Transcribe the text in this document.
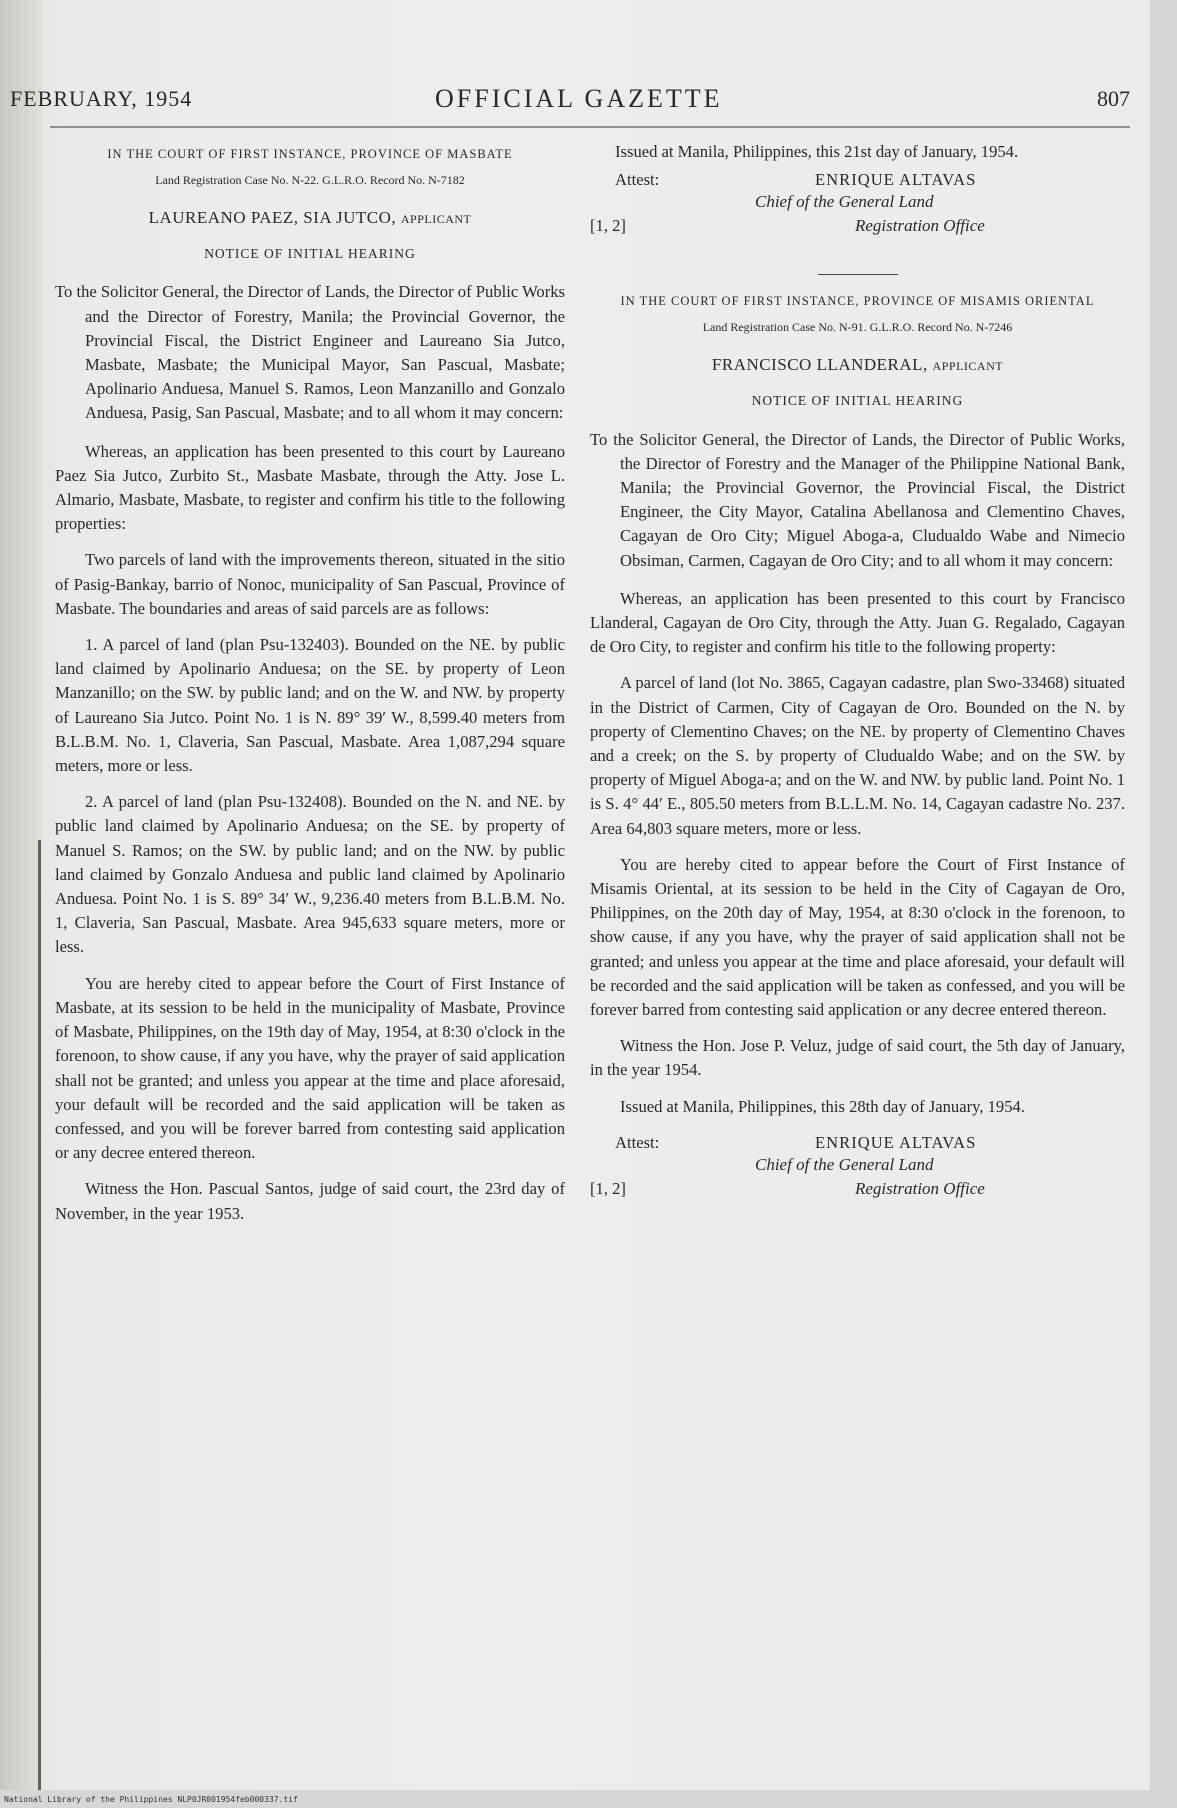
FEBRUARY, 1954	OFFICIAL GAZETTE	807
IN THE COURT OF FIRST INSTANCE, PROVINCE OF MASBATE
Land Registration Case No. N-22. G.L.R.O. Record No. N-7182
LAUREANO PAEZ, SIA JUTCO, applicant
NOTICE OF INITIAL HEARING
To the Solicitor General, the Director of Lands, the Director of Public Works and the Director of Forestry, Manila; the Provincial Governor, the Provincial Fiscal, the District Engineer and Laureano Sia Jutco, Masbate, Masbate; the Municipal Mayor, San Pascual, Masbate; Apolinario Anduesa, Manuel S. Ramos, Leon Manzanillo and Gonzalo Anduesa, Pasig, San Pascual, Masbate; and to all whom it may concern:

Whereas, an application has been presented to this court by Laureano Paez Sia Jutco, Zurbito St., Masbate Masbate, through the Atty. Jose L. Almario, Masbate, Masbate, to register and confirm his title to the following properties:

Two parcels of land with the improvements thereon, situated in the sitio of Pasig-Bankay, barrio of Nonoc, municipality of San Pascual, Province of Masbate. The boundaries and areas of said parcels are as follows:

1. A parcel of land (plan Psu-132403). Bounded on the NE. by public land claimed by Apolinario Anduesa; on the SE. by property of Leon Manzanillo; on the SW. by public land; and on the W. and NW. by property of Laureano Sia Jutco. Point No. 1 is N. 89° 39′ W., 8,599.40 meters from B.L.B.M. No. 1, Claveria, San Pascual, Masbate. Area 1,087,294 square meters, more or less.

2. A parcel of land (plan Psu-132408). Bounded on the N. and NE. by public land claimed by Apolinario Anduesa; on the SE. by property of Manuel S. Ramos; on the SW. by public land; and on the NW. by public land claimed by Gonzalo Anduesa and public land claimed by Apolinario Anduesa. Point No. 1 is S. 89° 34′ W., 9,236.40 meters from B.L.B.M. No. 1, Claveria, San Pascual, Masbate. Area 945,633 square meters, more or less.

You are hereby cited to appear before the Court of First Instance of Masbate, at its session to be held in the municipality of Masbate, Province of Masbate, Philippines, on the 19th day of May, 1954, at 8:30 o'clock in the forenoon, to show cause, if any you have, why the prayer of said application shall not be granted; and unless you appear at the time and place aforesaid, your default will be recorded and the said application will be taken as confessed, and you will be forever barred from contesting said application or any decree entered thereon.

Witness the Hon. Pascual Santos, judge of said court, the 23rd day of November, in the year 1953.

Issued at Manila, Philippines, this 21st day of January, 1954.

Attest:	ENRIQUE ALTAVAS
Chief of the General Land
Registration Office
[1, 2]
IN THE COURT OF FIRST INSTANCE, PROVINCE OF MISAMIS ORIENTAL
Land Registration Case No. N-91. G.L.R.O. Record No. N-7246
FRANCISCO LLANDERAL, applicant
NOTICE OF INITIAL HEARING
To the Solicitor General, the Director of Lands, the Director of Public Works, the Director of Forestry and the Manager of the Philippine National Bank, Manila; the Provincial Governor, the Provincial Fiscal, the District Engineer, the City Mayor, Catalina Abellanosa and Clementino Chaves, Cagayan de Oro City; Miguel Aboga-a, Cludualdo Wabe and Nimecio Obsiman, Carmen, Cagayan de Oro City; and to all whom it may concern:

Whereas, an application has been presented to this court by Francisco Llanderal, Cagayan de Oro City, through the Atty. Juan G. Regalado, Cagayan de Oro City, to register and confirm his title to the following property:

A parcel of land (lot No. 3865, Cagayan cadastre, plan Swo-33468) situated in the District of Carmen, City of Cagayan de Oro. Bounded on the N. by property of Clementino Chaves; on the NE. by property of Clementino Chaves and a creek; on the S. by property of Cludualdo Wabe; and on the SW. by property of Miguel Aboga-a; and on the W. and NW. by public land. Point No. 1 is S. 4° 44′ E., 805.50 meters from B.L.L.M. No. 14, Cagayan cadastre No. 237. Area 64,803 square meters, more or less.

You are hereby cited to appear before the Court of First Instance of Misamis Oriental, at its session to be held in the City of Cagayan de Oro, Philippines, on the 20th day of May, 1954, at 8:30 o'clock in the forenoon, to show cause, if any you have, why the prayer of said application shall not be granted; and unless you appear at the time and place aforesaid, your default will be recorded and the said application will be taken as confessed, and you will be forever barred from contesting said application or any decree entered thereon.

Witness the Hon. Jose P. Veluz, judge of said court, the 5th day of January, in the year 1954.

Issued at Manila, Philippines, this 28th day of January, 1954.

Attest:	ENRIQUE ALTAVAS
Chief of the General Land
Registration Office
[1, 2]
National Library of the Philippines NLP0JR001954feb000337.tif
